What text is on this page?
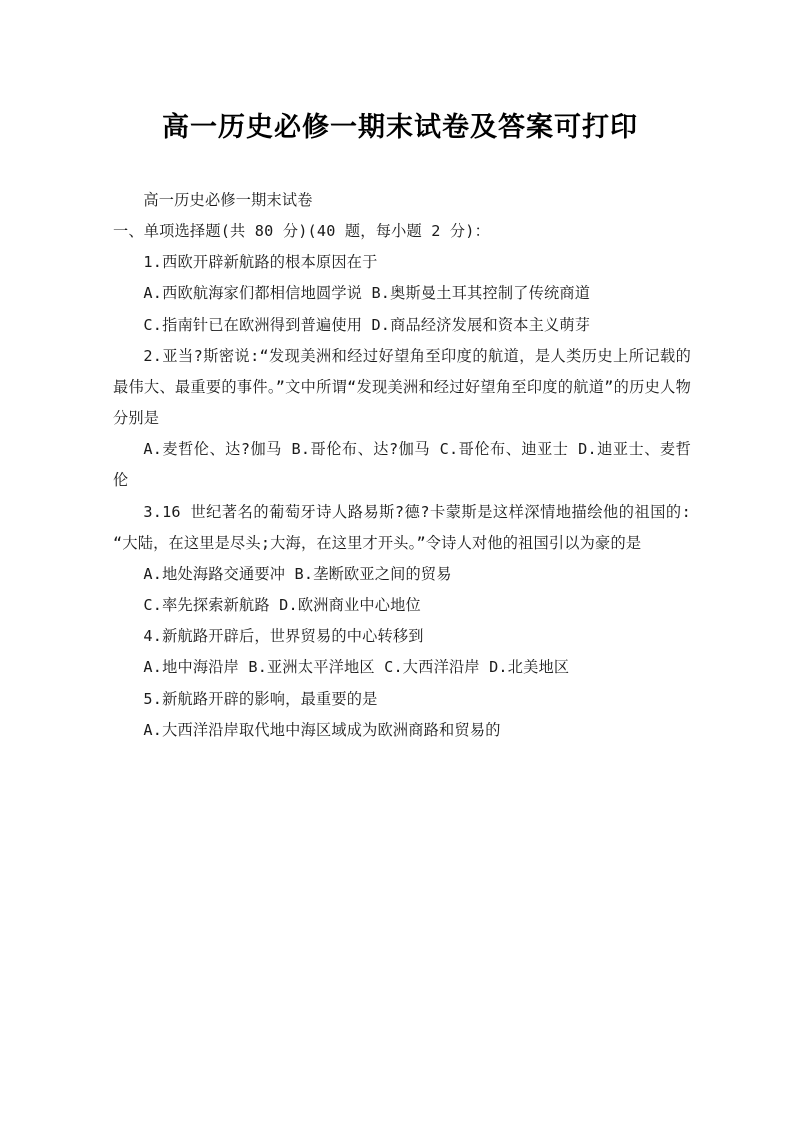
高一历史必修一期末试卷及答案可打印

高一历史必修一期末试卷

一、单项选择题(共 80 分)(40 题，每小题 2 分)：

1.西欧开辟新航路的根本原因在于

A.西欧航海家们都相信地圆学说 B.奥斯曼土耳其控制了传统商道

C.指南针已在欧洲得到普遍使用 D.商品经济发展和资本主义萌芽

2.亚当?斯密说:“发现美洲和经过好望角至印度的航道，是人类历史上所记载的最伟大、最重要的事件。”文中所谓“发现美洲和经过好望角至印度的航道”的历史人物分别是

A.麦哲伦、达?伽马 B.哥伦布、达?伽马 C.哥伦布、迪亚士 D.迪亚士、麦哲伦

3.16 世纪著名的葡萄牙诗人路易斯?德?卡蒙斯是这样深情地描绘他的祖国的:“大陆，在这里是尽头;大海，在这里才开头。”令诗人对他的祖国引以为豪的是

A.地处海路交通要冲 B.垄断欧亚之间的贸易

C.率先探索新航路 D.欧洲商业中心地位

4.新航路开辟后，世界贸易的中心转移到

A.地中海沿岸 B.亚洲太平洋地区 C.大西洋沿岸 D.北美地区

5.新航路开辟的影响，最重要的是

A.大西洋沿岸取代地中海区域成为欧洲商路和贸易的
